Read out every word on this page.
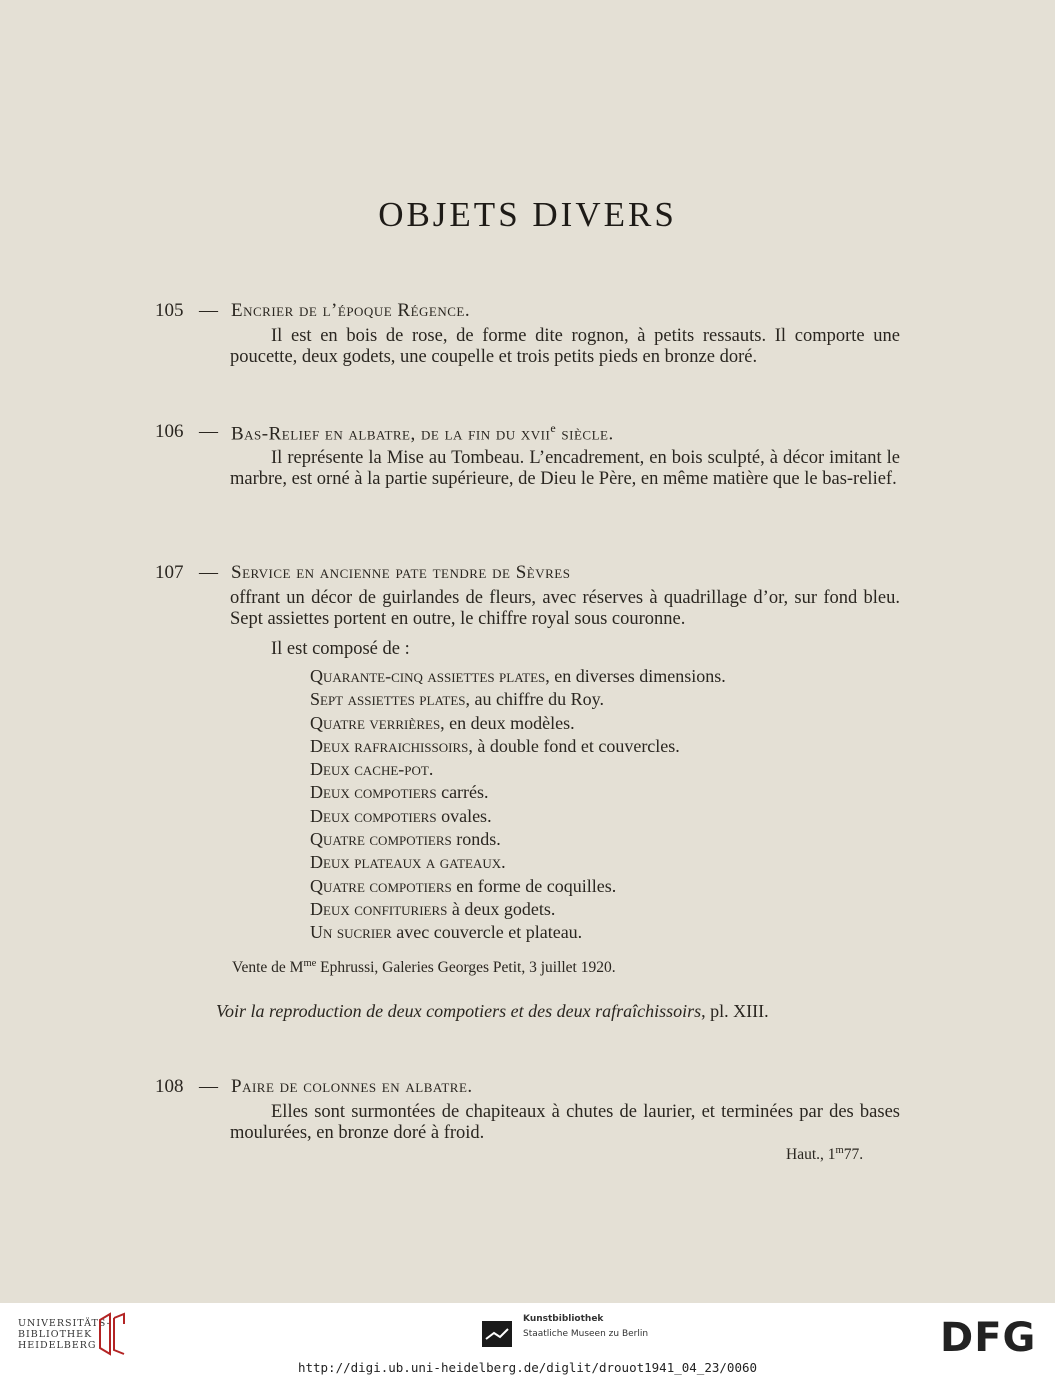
OBJETS DIVERS
105 — Encrier de l’époque Régence.
Il est en bois de rose, de forme dite rognon, à petits ressauts. Il comporte une poucette, deux godets, une coupelle et trois petits pieds en bronze doré.
106 — Bas-Relief en albatre, de la fin du xvii$^e$ siècle.
Il représente la Mise au Tombeau. L’encadrement, en bois sculpté, à décor imitant le marbre, est orné à la partie supérieure, de Dieu le Père, en même matière que le bas-relief.
107 — Service en ancienne pate tendre de Sèvres
offrant un décor de guirlandes de fleurs, avec réserves à quadrillage d’or, sur fond bleu. Sept assiettes portent en outre, le chiffre royal sous couronne.
Il est composé de :
Quarante-cinq assiettes plates, en diverses dimensions.
Sept assiettes plates, au chiffre du Roy.
Quatre verrières, en deux modèles.
Deux rafraichissoirs, à double fond et couvercles.
Deux cache-pot.
Deux compotiers carrés.
Deux compotiers ovales.
Quatre compotiers ronds.
Deux plateaux a gateaux.
Quatre compotiers en forme de coquilles.
Deux confituriers à deux godets.
Un sucrier avec couvercle et plateau.
Vente de $M^{me}$ Ephrussi, Galeries Georges Petit, 3 juillet 1920.
Voir la reproduction de deux compotiers et des deux rafraîchissoirs, pl. XIII.
108 — Paire de colonnes en albatre.
Elles sont surmontées de chapiteaux à chutes de laurier, et terminées par des bases moulurées, en bronze doré à froid.
Haut., 1$^m$77.
UNIVERSITÄTS-
BIBLIOTHEK
HEIDELBERG
Kunstbibliothek
Staatliche Museen zu Berlin	DFG
http://digi.ub.uni-heidelberg.de/diglit/drouot1941_04_23/0060
